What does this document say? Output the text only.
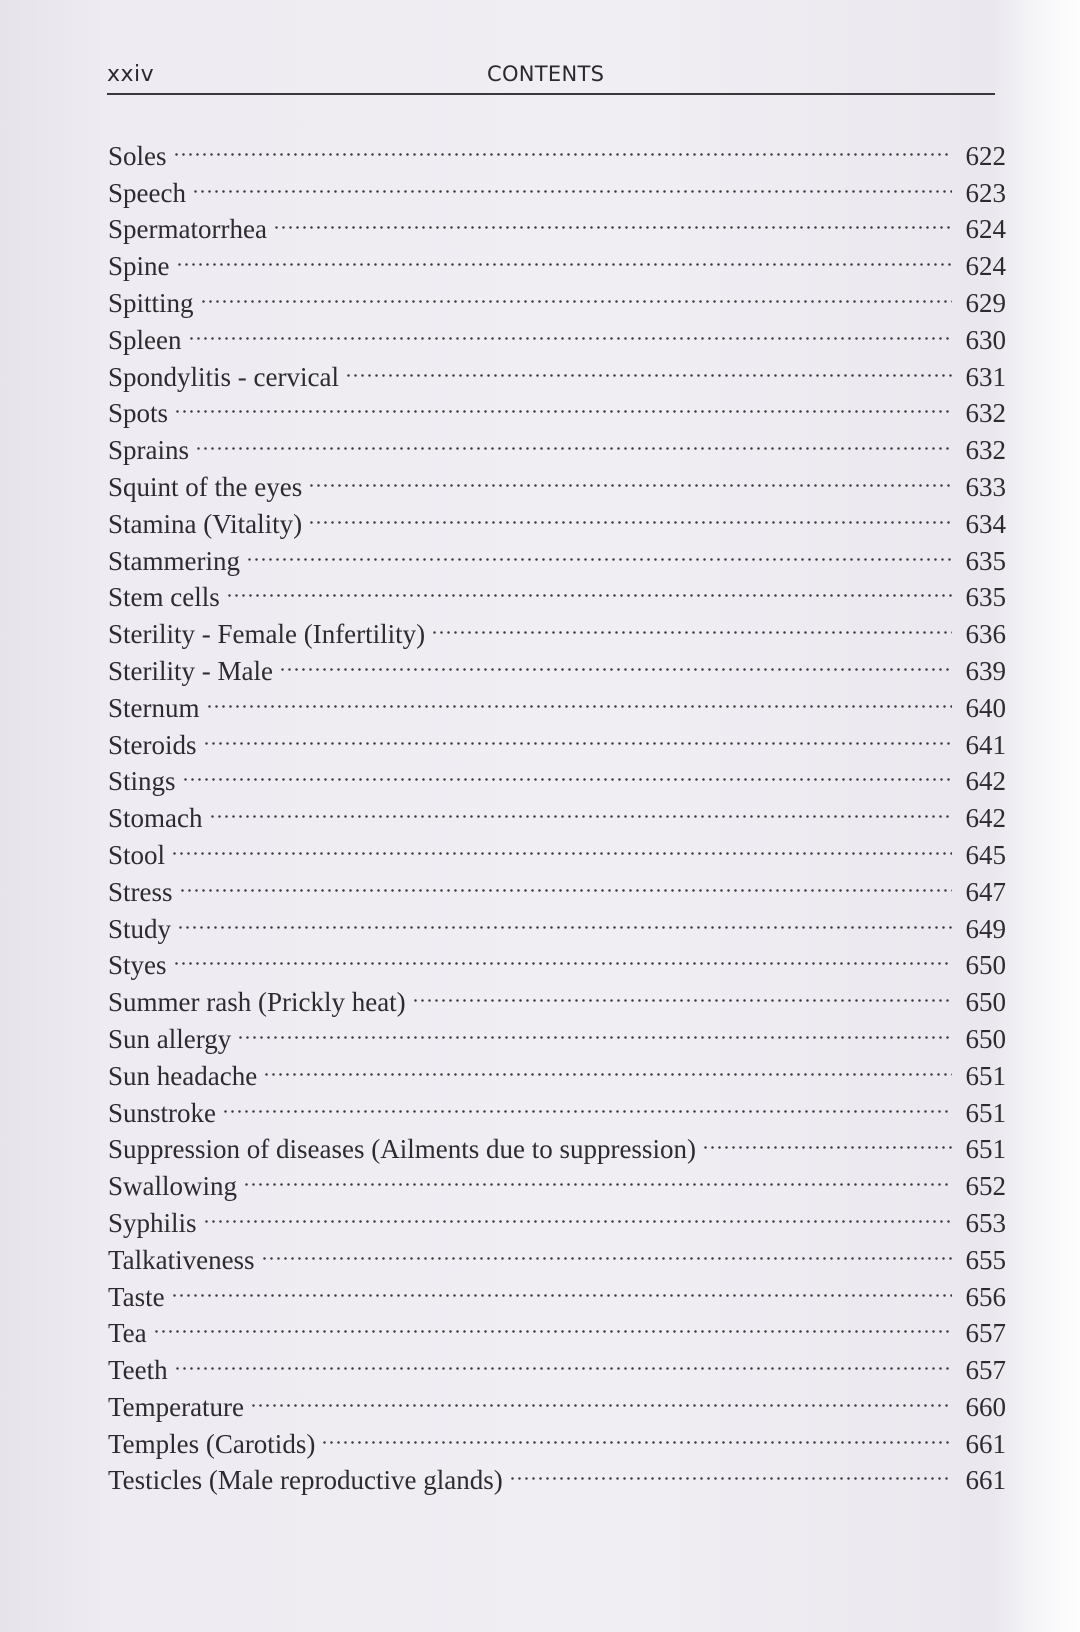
xxiv	CONTENTS
Soles	622
Speech	623
Spermatorrhea	624
Spine	624
Spitting	629
Spleen	630
Spondylitis - cervical	631
Spots	632
Sprains	632
Squint of the eyes	633
Stamina (Vitality)	634
Stammering	635
Stem cells	635
Sterility - Female (Infertility)	636
Sterility - Male	639
Sternum	640
Steroids	641
Stings	642
Stomach	642
Stool	645
Stress	647
Study	649
Styes	650
Summer rash (Prickly heat)	650
Sun allergy	650
Sun headache	651
Sunstroke	651
Suppression of diseases (Ailments due to suppression)	651
Swallowing	652
Syphilis	653
Talkativeness	655
Taste	656
Tea	657
Teeth	657
Temperature	660
Temples (Carotids)	661
Testicles (Male reproductive glands)	661
